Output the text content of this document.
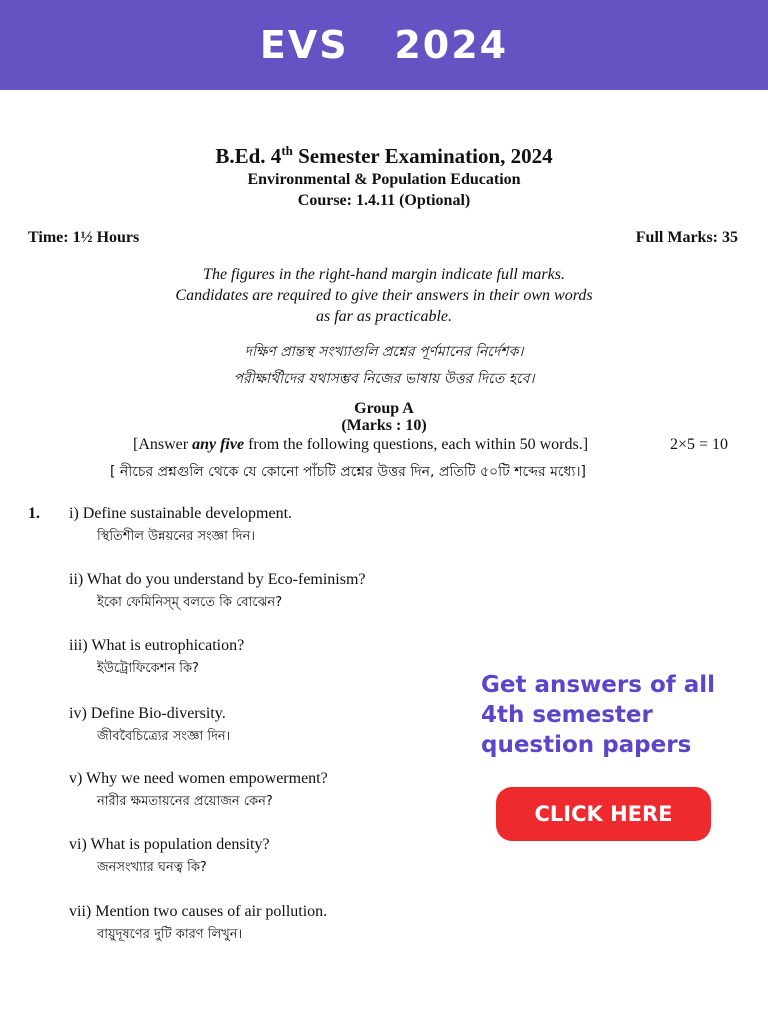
EVS   2024
B.Ed. 4th Semester Examination, 2024
Environmental & Population Education
Course: 1.4.11 (Optional)
Time: 1½ Hours	Full Marks: 35
The figures in the right-hand margin indicate full marks.
Candidates are required to give their answers in their own words
as far as practicable.
দক্ষিণ প্রান্তস্থ সংখ্যাগুলি প্রশ্নের পূর্ণমানের নির্দেশক।
পরীক্ষার্থীদের যথাসম্ভব নিজের ভাষায় উত্তর দিতে হবে।
Group A
(Marks : 10)
[Answer any five from the following questions, each within 50 words.]	2×5 = 10
[ নীচের প্রশ্নগুলি থেকে যে কোনো পাঁচটি প্রশ্নের উত্তর দিন, প্রতিটি ৫০টি শব্দের মধ্যে।]
1. i) Define sustainable development.
স্থিতিশীল উন্নয়নের সংজ্ঞা দিন।
ii) What do you understand by Eco-feminism?
ইকো ফেমিনিস্‌ম্ বলতে কি বোঝেন?
iii) What is eutrophication?
ইউট্রোফিকেশন কি?
iv) Define Bio-diversity.
জীববৈচিত্র্যের সংজ্ঞা দিন।
v) Why we need women empowerment?
নারীর ক্ষমতায়নের প্রয়োজন কেন?
vi) What is population density?
জনসংখ্যার ঘনত্ব কি?
vii) Mention two causes of air pollution.
বায়ুদূষণের দুটি কারণ লিখুন।
Get answers of all 4th semester question papers
CLICK HERE
